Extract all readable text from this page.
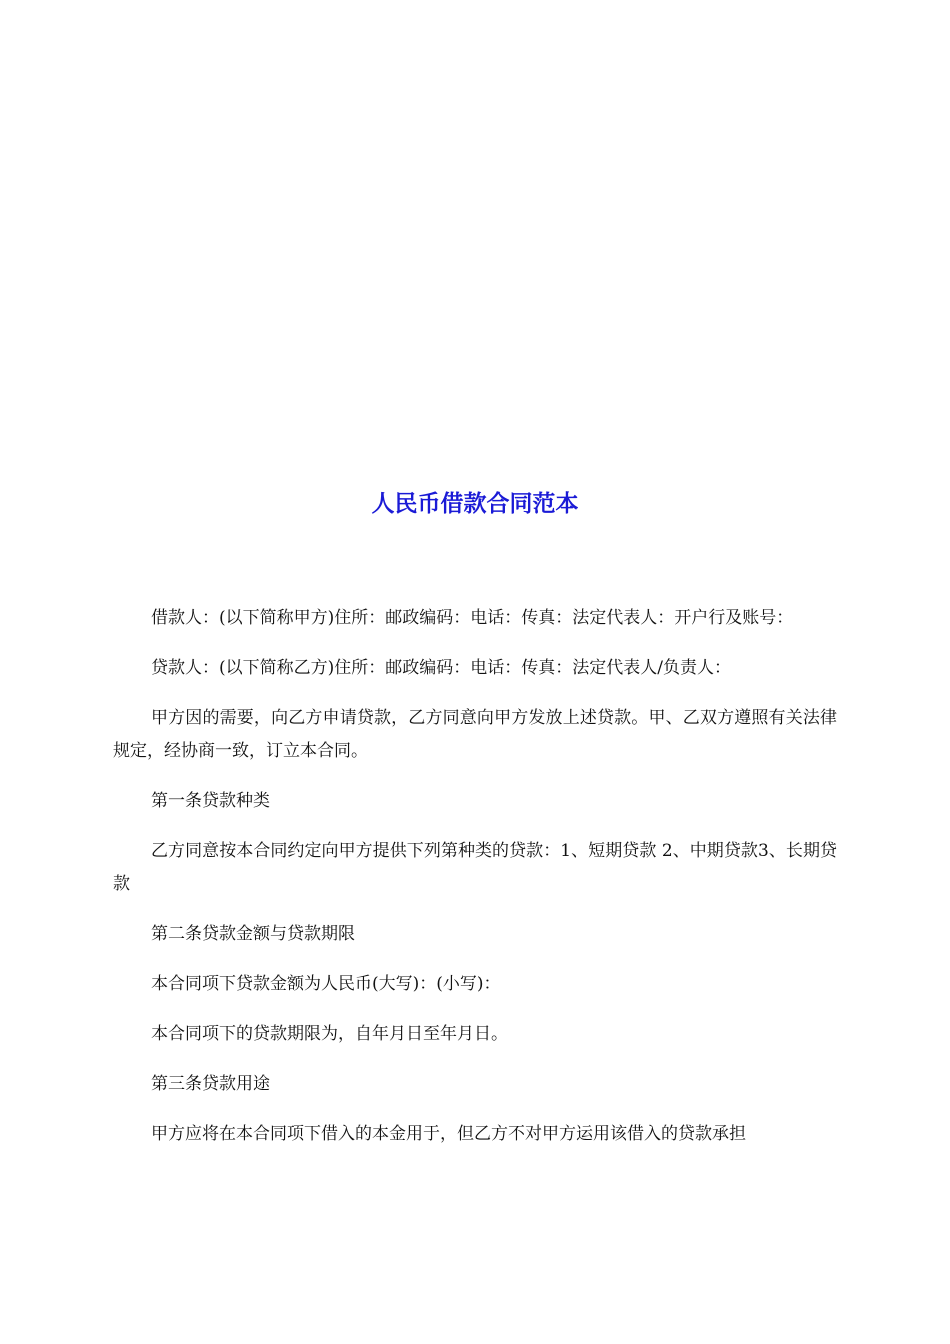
人民币借款合同范本

借款人：(以下简称甲方)住所：邮政编码：电话：传真：法定代表人：开户行及账号：

贷款人：(以下简称乙方)住所：邮政编码：电话：传真：法定代表人/负责人：

甲方因的需要，向乙方申请贷款，乙方同意向甲方发放上述贷款。甲、乙双方遵照有关法律规定，经协商一致，订立本合同。

第一条贷款种类

乙方同意按本合同约定向甲方提供下列第种类的贷款：1、短期贷款 2、中期贷款3、长期贷款

第二条贷款金额与贷款期限

本合同项下贷款金额为人民币(大写)：(小写)：

本合同项下的贷款期限为，自年月日至年月日。

第三条贷款用途

甲方应将在本合同项下借入的本金用于，但乙方不对甲方运用该借入的贷款承担
